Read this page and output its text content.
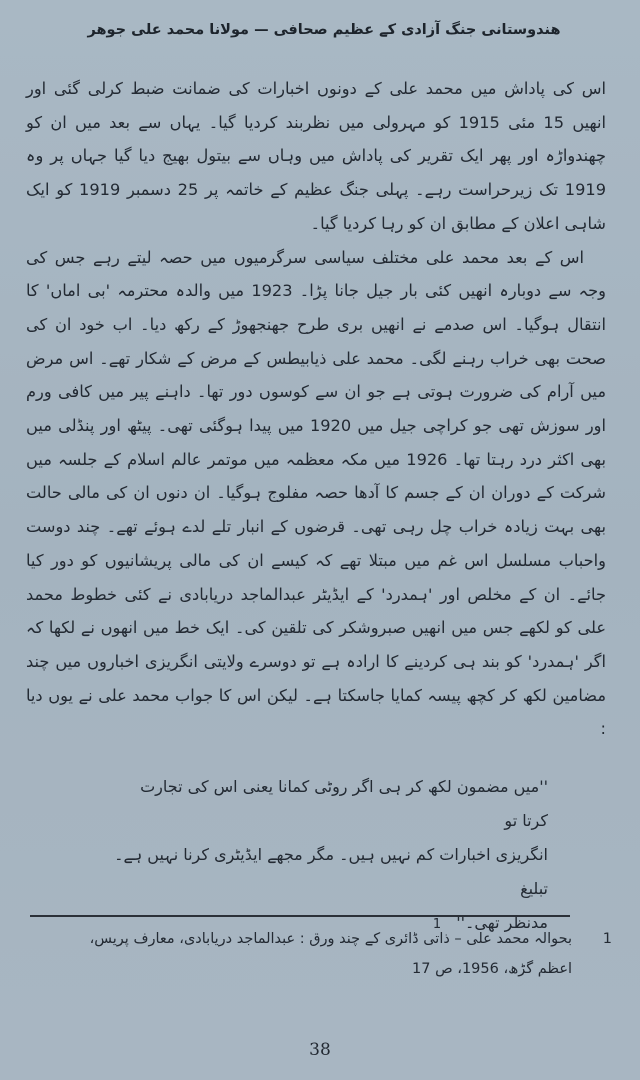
ھندوستانی جنگ آزادی کے عظیم صحافی — مولانا محمد علی جوھر

اس کی پاداش میں محمد علی کے دونوں اخبارات کی ضمانت ضبط کرلی گئی اور انھیں 15 مئی 1915 کو مہرولی میں نظربند کردیا گیا۔ یہاں سے بعد میں ان کو چھندواڑہ اور پھر ایک تقریر کی پاداش میں وہاں سے بیتول بھیج دیا گیا جہاں پر وہ 1919 تک زیرحراست رہے۔ پہلی جنگ عظیم کے خاتمہ پر 25 دسمبر 1919 کو ایک شاہی اعلان کے مطابق ان کو رہا کردیا گیا۔

اس کے بعد محمد علی مختلف سیاسی سرگرمیوں میں حصہ لیتے رہے جس کی وجہ سے دوبارہ انھیں کئی بار جیل جانا پڑا۔ 1923 میں والدہ محترمہ 'بی اماں' کا انتقال ہوگیا۔ اس صدمے نے انھیں بری طرح جھنجھوڑ کے رکھ دیا۔ اب خود ان کی صحت بھی خراب رہنے لگی۔ محمد علی ذیابیطس کے مرض کے شکار تھے۔ اس مرض میں آرام کی ضرورت ہوتی ہے جو ان سے کوسوں دور تھا۔ داہنے پیر میں کافی ورم اور سوزش تھی جو کراچی جیل میں 1920 میں پیدا ہوگئی تھی۔ پیٹھ اور پنڈلی میں بھی اکثر درد رہتا تھا۔ 1926 میں مکہ معظمہ میں موتمر عالم اسلام کے جلسہ میں شرکت کے دوران ان کے جسم کا آدھا حصہ مفلوج ہوگیا۔ ان دنوں ان کی مالی حالت بھی بہت زیادہ خراب چل رہی تھی۔ قرضوں کے انبار تلے لدے ہوئے تھے۔ چند دوست واحباب مسلسل اس غم میں مبتلا تھے کہ کیسے ان کی مالی پریشانیوں کو دور کیا جائے۔ ان کے مخلص اور 'ہمدرد' کے ایڈیٹر عبدالماجد دریابادی نے کئی خطوط محمد علی کو لکھے جس میں انھیں صبروشکر کی تلقین کی۔ ایک خط میں انھوں نے لکھا کہ اگر 'ہمدرد' کو بند ہی کردینے کا ارادہ ہے تو دوسرے ولایتی انگریزی اخباروں میں چند مضامین لکھ کر کچھ پیسہ کمایا جاسکتا ہے۔ لیکن اس کا جواب محمد علی نے یوں دیا :

''میں مضمون لکھ کر ہی اگر روٹی کمانا یعنی اس کی تجارت کرتا تو
انگریزی اخبارات کم نہیں ہیں۔ مگر مجھے ایڈیٹری کرنا نہیں ہے۔ تبلیغ
مدنظر تھی۔'' 1
1بحوالہ محمد علی – ذاتی ڈائری کے چند ورق : عبدالماجد دریابادی، معارف پریس،
اعظم گڑھ، 1956، ص 17
38
